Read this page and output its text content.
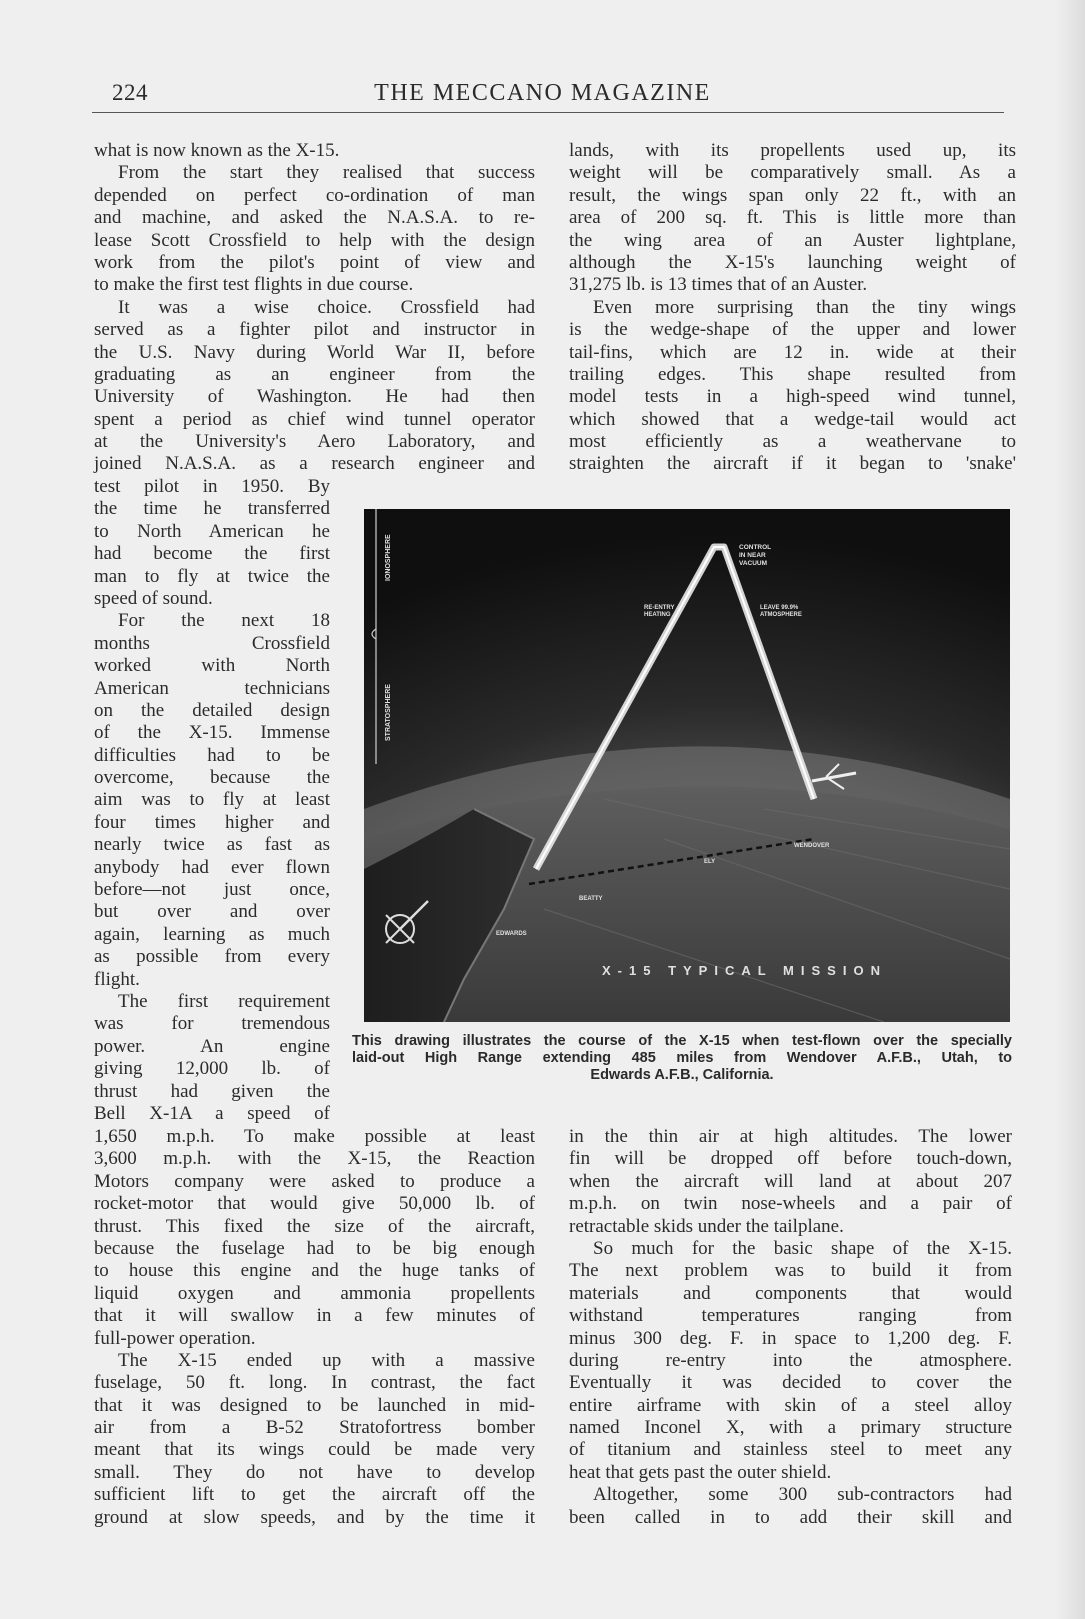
224	THE MECCANO MAGAZINE
what is now known as the X-15.
From the start they realised that success
depended on perfect co-ordination of man
and machine, and asked the N.A.S.A. to re-
lease Scott Crossfield to help with the design
work from the pilot's point of view and
to make the first test flights in due course.
It was a wise choice. Crossfield had
served as a fighter pilot and instructor in
the U.S. Navy during World War II, before
graduating as an engineer from the
University of Washington. He had then
spent a period as chief wind tunnel operator
at the University's Aero Laboratory, and
joined N.A.S.A. as a research engineer and
test pilot in 1950. By
the time he transferred
to North American he
had become the first
man to fly at twice the
speed of sound.
For the next 18
months Crossfield
worked with North
American technicians
on the detailed design
of the X-15. Immense
difficulties had to be
overcome, because the
aim was to fly at least
four times higher and
nearly twice as fast as
anybody had ever flown
before—not just once,
but over and over
again, learning as much
as possible from every
flight.
The first requirement
was for tremendous
power. An engine
giving 12,000 lb. of
thrust had given the
Bell X-1A a speed of
1,650 m.p.h. To make possible at least
3,600 m.p.h. with the X-15, the Reaction
Motors company were asked to produce a
rocket-motor that would give 50,000 lb. of
thrust. This fixed the size of the aircraft,
because the fuselage had to be big enough
to house this engine and the huge tanks of
liquid oxygen and ammonia propellents
that it will swallow in a few minutes of
full-power operation.
The X-15 ended up with a massive
fuselage, 50 ft. long. In contrast, the fact
that it was designed to be launched in mid-
air from a B-52 Stratofortress bomber
meant that its wings could be made very
small. They do not have to develop
sufficient lift to get the aircraft off the
ground at slow speeds, and by the time it
lands, with its propellents used up, its
weight will be comparatively small. As a
result, the wings span only 22 ft., with an
area of 200 sq. ft. This is little more than
the wing area of an Auster lightplane,
although the X-15's launching weight of
31,275 lb. is 13 times that of an Auster.
Even more surprising than the tiny wings
is the wedge-shape of the upper and lower
tail-fins, which are 12 in. wide at their
trailing edges. This shape resulted from
model tests in a high-speed wind tunnel,
which showed that a wedge-tail would act
most efficiently as a weathervane to
straighten the aircraft if it began to 'snake'
IONOSPHERE
STRATOSPHERE
CONTROL
IN NEAR
VACUUM
RE-ENTRY
HEATING
LEAVE 99.9%
ATMOSPHERE
WENDOVER
ELY
BEATTY
EDWARDS
X-15 TYPICAL MISSION
This drawing illustrates the course of the X-15 when test-flown over the specially
laid-out High Range extending 485 miles from Wendover A.F.B., Utah, to
Edwards A.F.B., California.
in the thin air at high altitudes. The lower
fin will be dropped off before touch-down,
when the aircraft will land at about 207
m.p.h. on twin nose-wheels and a pair of
retractable skids under the tailplane.
So much for the basic shape of the X-15.
The next problem was to build it from
materials and components that would
withstand temperatures ranging from
minus 300 deg. F. in space to 1,200 deg. F.
during re-entry into the atmosphere.
Eventually it was decided to cover the
entire airframe with skin of a steel alloy
named Inconel X, with a primary structure
of titanium and stainless steel to meet any
heat that gets past the outer shield.
Altogether, some 300 sub-contractors had
been called in to add their skill and
